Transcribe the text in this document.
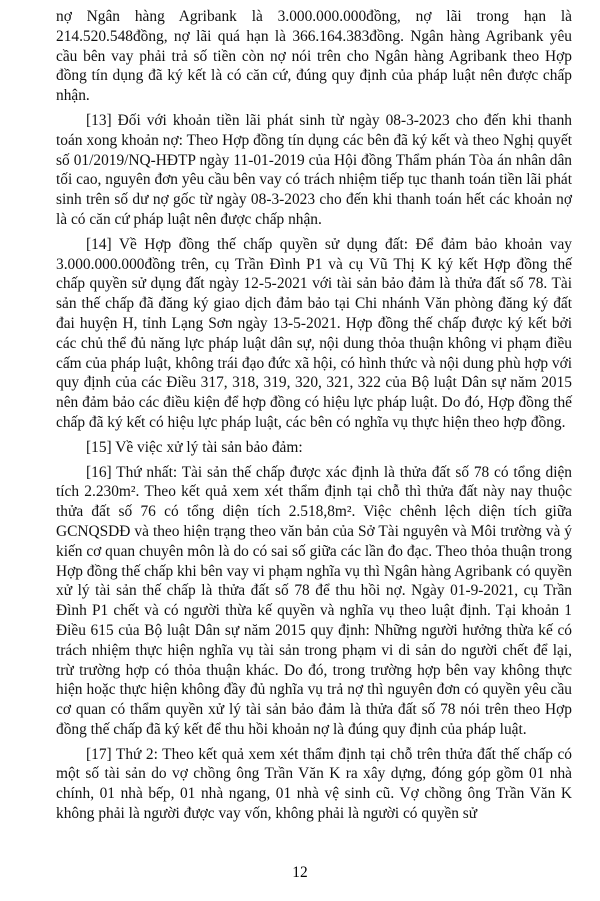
nợ Ngân hàng Agribank là 3.000.000.000đồng, nợ lãi trong hạn là 214.520.548đồng, nợ lãi quá hạn là 366.164.383đồng. Ngân hàng Agribank yêu cầu bên vay phải trả số tiền còn nợ nói trên cho Ngân hàng Agribank theo Hợp đồng tín dụng đã ký kết là có căn cứ, đúng quy định của pháp luật nên được chấp nhận.

[13] Đối với khoản tiền lãi phát sinh từ ngày 08-3-2023 cho đến khi thanh toán xong khoản nợ: Theo Hợp đồng tín dụng các bên đã ký kết và theo Nghị quyết số 01/2019/NQ-HĐTP ngày 11-01-2019 của Hội đồng Thẩm phán Tòa án nhân dân tối cao, nguyên đơn yêu cầu bên vay có trách nhiệm tiếp tục thanh toán tiền lãi phát sinh trên số dư nợ gốc từ ngày 08-3-2023 cho đến khi thanh toán hết các khoản nợ là có căn cứ pháp luật nên được chấp nhận.

[14] Về Hợp đồng thế chấp quyền sử dụng đất: Để đảm bảo khoản vay 3.000.000.000đồng trên, cụ Trần Đình P1 và cụ Vũ Thị K ký kết Hợp đồng thế chấp quyền sử dụng đất ngày 12-5-2021 với tài sản bảo đảm là thửa đất số 78. Tài sản thế chấp đã đăng ký giao dịch đảm bảo tại Chi nhánh Văn phòng đăng ký đất đai huyện H, tỉnh Lạng Sơn ngày 13-5-2021. Hợp đồng thế chấp được ký kết bởi các chủ thể đủ năng lực pháp luật dân sự, nội dung thỏa thuận không vi phạm điều cấm của pháp luật, không trái đạo đức xã hội, có hình thức và nội dung phù hợp với quy định của các Điều 317, 318, 319, 320, 321, 322 của Bộ luật Dân sự năm 2015 nên đảm bảo các điều kiện để hợp đồng có hiệu lực pháp luật. Do đó, Hợp đồng thế chấp đã ký kết có hiệu lực pháp luật, các bên có nghĩa vụ thực hiện theo hợp đồng.

[15] Về việc xử lý tài sản bảo đảm:

[16] Thứ nhất: Tài sản thế chấp được xác định là thửa đất số 78 có tổng diện tích 2.230m². Theo kết quả xem xét thẩm định tại chỗ thì thửa đất này nay thuộc thửa đất số 76 có tổng diện tích 2.518,8m². Việc chênh lệch diện tích giữa GCNQSDĐ và theo hiện trạng theo văn bản của Sở Tài nguyên và Môi trường và ý kiến cơ quan chuyên môn là do có sai số giữa các lần đo đạc. Theo thỏa thuận trong Hợp đồng thế chấp khi bên vay vi phạm nghĩa vụ thì Ngân hàng Agribank có quyền xử lý tài sản thế chấp là thửa đất số 78 để thu hồi nợ. Ngày 01-9-2021, cụ Trần Đình P1 chết và có người thừa kế quyền và nghĩa vụ theo luật định. Tại khoản 1 Điều 615 của Bộ luật Dân sự năm 2015 quy định: Những người hưởng thừa kế có trách nhiệm thực hiện nghĩa vụ tài sản trong phạm vi di sản do người chết để lại, trừ trường hợp có thỏa thuận khác. Do đó, trong trường hợp bên vay không thực hiện hoặc thực hiện không đầy đủ nghĩa vụ trả nợ thì nguyên đơn có quyền yêu cầu cơ quan có thẩm quyền xử lý tài sản bảo đảm là thửa đất số 78 nói trên theo Hợp đồng thế chấp đã ký kết để thu hồi khoản nợ là đúng quy định của pháp luật.

[17] Thứ 2: Theo kết quả xem xét thẩm định tại chỗ trên thửa đất thế chấp có một số tài sản do vợ chồng ông Trần Văn K ra xây dựng, đóng góp gồm 01 nhà chính, 01 nhà bếp, 01 nhà ngang, 01 nhà vệ sinh cũ. Vợ chồng ông Trần Văn K không phải là người được vay vốn, không phải là người có quyền sử

12
